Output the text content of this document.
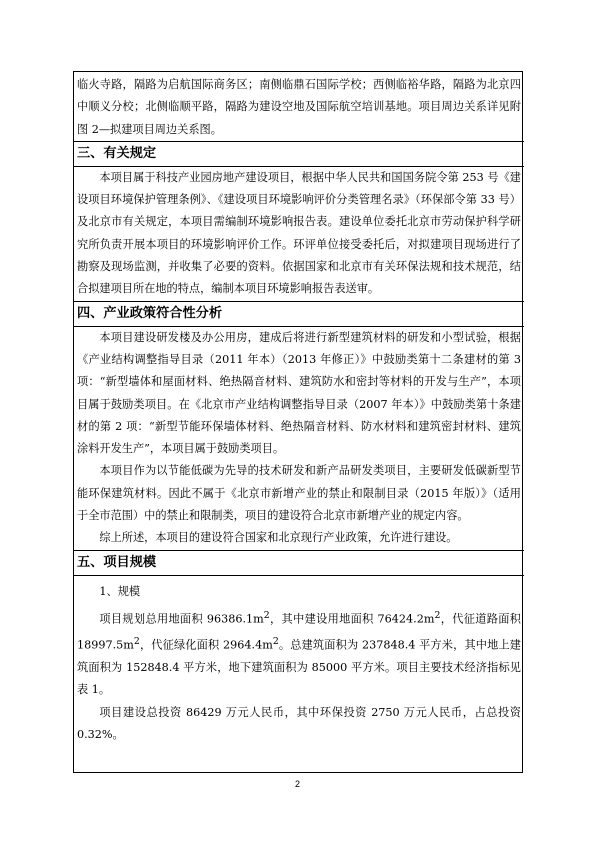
临火寺路，隔路为启航国际商务区；南侧临鼎石国际学校；西侧临裕华路，隔路为北京四中顺义分校；北侧临顺平路，隔路为建设空地及国际航空培训基地。项目周边关系详见附图 2—拟建项目周边关系图。

三、有关规定

本项目属于科技产业园房地产建设项目，根据中华人民共和国国务院令第 253 号《建设项目环境保护管理条例》、《建设项目环境影响评价分类管理名录》（环保部令第 33 号）及北京市有关规定，本项目需编制环境影响报告表。建设单位委托北京市劳动保护科学研究所负责开展本项目的环境影响评价工作。环评单位接受委托后，对拟建项目现场进行了勘察及现场监测，并收集了必要的资料。依据国家和北京市有关环保法规和技术规范，结合拟建项目所在地的特点，编制本项目环境影响报告表送审。

四、产业政策符合性分析

本项目建设研发楼及办公用房，建成后将进行新型建筑材料的研发和小型试验，根据《产业结构调整指导目录（2011 年本）（2013 年修正）》中鼓励类第十二条建材的第 3 项：“新型墙体和屋面材料、绝热隔音材料、建筑防水和密封等材料的开发与生产”，本项目属于鼓励类项目。在《北京市产业结构调整指导目录（2007 年本）》中鼓励类第十条建材的第 2 项：“新型节能环保墙体材料、绝热隔音材料、防水材料和建筑密封材料、建筑涂料开发生产”，本项目属于鼓励类项目。

本项目作为以节能低碳为先导的技术研发和新产品研发类项目，主要研发低碳新型节能环保建筑材料。因此不属于《北京市新增产业的禁止和限制目录（2015 年版）》（适用于全市范围）中的禁止和限制类，项目的建设符合北京市新增产业的规定内容。

综上所述，本项目的建设符合国家和北京现行产业政策，允许进行建设。

五、项目规模

1、规模

项目规划总用地面积 $96386.1m^2$，其中建设用地面积 $76424.2m^2$，代征道路面积 $18997.5m^2$，代征绿化面积 $2964.4m^2$。总建筑面积为 237848.4 平方米，其中地上建筑面积为 152848.4 平方米，地下建筑面积为 85000 平方米。项目主要技术经济指标见表 1。

项目建设总投资 86429 万元人民币，其中环保投资 2750 万元人民币，占总投资 0.32%。

2
